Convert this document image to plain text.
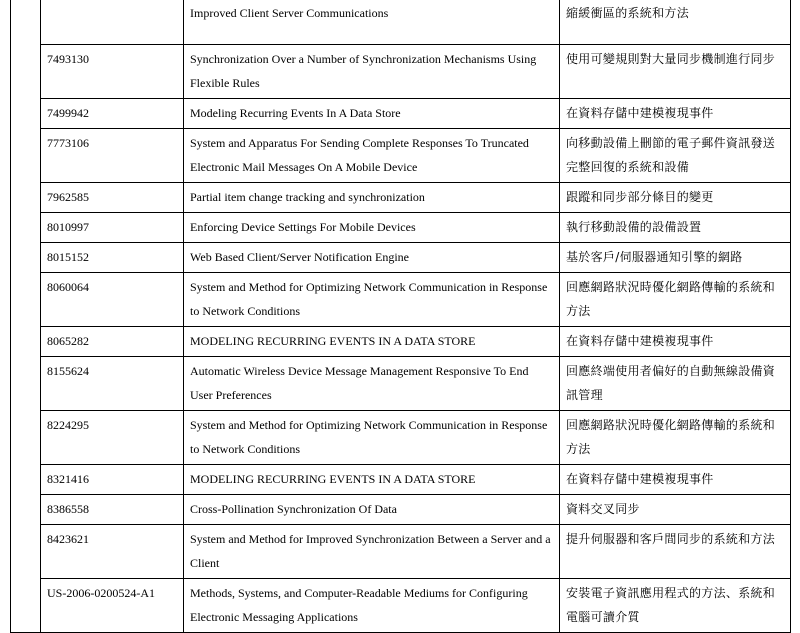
		Improved Client Server Communications	縮緩衝區的系統和方法
	7493130	Synchronization Over a Number of Synchronization Mechanisms Using Flexible Rules	使用可變規則對大量同步機制進行同步
	7499942	Modeling Recurring Events In A Data Store	在資料存儲中建模複現事件
	7773106	System and Apparatus For Sending Complete Responses To Truncated Electronic Mail Messages On A Mobile Device	向移動設備上刪節的電子郵件資訊發送完整回復的系統和設備
	7962585	Partial item change tracking and synchronization	跟蹤和同步部分條目的變更
	8010997	Enforcing Device Settings For Mobile Devices	執行移動設備的設備設置
	8015152	Web Based Client/Server Notification Engine	基於客戶/伺服器通知引擎的網路
	8060064	System and Method for Optimizing Network Communication in Response to Network Conditions	回應網路狀況時優化網路傳輸的系統和方法
	8065282	MODELING RECURRING EVENTS IN A DATA STORE	在資料存儲中建模複現事件
	8155624	Automatic Wireless Device Message Management Responsive To End User Preferences	回應終端使用者偏好的自動無線設備資訊管理
	8224295	System and Method for Optimizing Network Communication in Response to Network Conditions	回應網路狀況時優化網路傳輸的系統和方法
	8321416	MODELING RECURRING EVENTS IN A DATA STORE	在資料存儲中建模複現事件
	8386558	Cross-Pollination Synchronization Of Data	資料交叉同步
	8423621	System and Method for Improved Synchronization Between a Server and a Client	提升伺服器和客戶間同步的系統和方法
	US-2006-0200524-A1	Methods, Systems, and Computer-Readable Mediums for Configuring Electronic Messaging Applications	安裝電子資訊應用程式的方法、系統和電腦可讀介質
